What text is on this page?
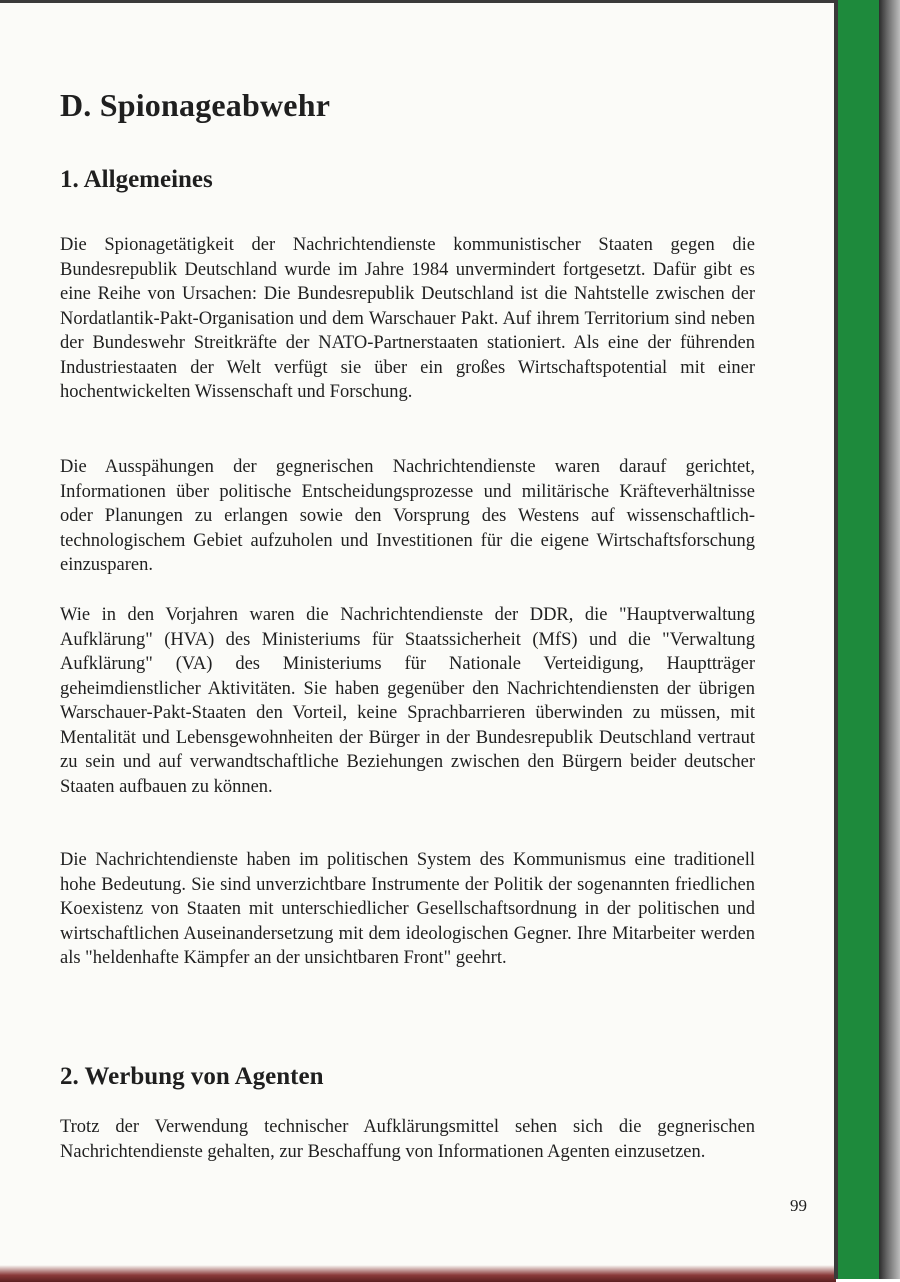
D. Spionageabwehr
1. Allgemeines

Die Spionagetätigkeit der Nachrichtendienste kommunistischer Staaten gegen die Bundesrepublik Deutschland wurde im Jahre 1984 unvermindert fortgesetzt. Dafür gibt es eine Reihe von Ursachen: Die Bundesrepublik Deutschland ist die Nahtstelle zwischen der Nordatlantik-Pakt-Organisation und dem Warschauer Pakt. Auf ihrem Territorium sind neben der Bundeswehr Streitkräfte der NATO-Partnerstaaten stationiert. Als eine der führenden Industriestaaten der Welt verfügt sie über ein großes Wirtschaftspotential mit einer hochentwickelten Wissenschaft und Forschung.

Die Ausspähungen der gegnerischen Nachrichtendienste waren darauf gerichtet, Informationen über politische Entscheidungsprozesse und militärische Kräfteverhältnisse oder Planungen zu erlangen sowie den Vorsprung des Westens auf wissenschaftlich-technologischem Gebiet aufzuholen und Investitionen für die eigene Wirtschaftsforschung einzusparen.

Wie in den Vorjahren waren die Nachrichtendienste der DDR, die "Hauptverwaltung Aufklärung" (HVA) des Ministeriums für Staatssicherheit (MfS) und die "Verwaltung Aufklärung" (VA) des Ministeriums für Nationale Verteidigung, Hauptträger geheimdienstlicher Aktivitäten. Sie haben gegenüber den Nachrichtendiensten der übrigen Warschauer-Pakt-Staaten den Vorteil, keine Sprachbarrieren überwinden zu müssen, mit Mentalität und Lebensgewohnheiten der Bürger in der Bundesrepublik Deutschland vertraut zu sein und auf verwandtschaftliche Beziehungen zwischen den Bürgern beider deutscher Staaten aufbauen zu können.

Die Nachrichtendienste haben im politischen System des Kommunismus eine traditionell hohe Bedeutung. Sie sind unverzichtbare Instrumente der Politik der sogenannten friedlichen Koexistenz von Staaten mit unterschiedlicher Gesellschaftsordnung in der politischen und wirtschaftlichen Auseinandersetzung mit dem ideologischen Gegner. Ihre Mitarbeiter werden als "heldenhafte Kämpfer an der unsichtbaren Front" geehrt.

2. Werbung von Agenten

Trotz der Verwendung technischer Aufklärungsmittel sehen sich die gegnerischen Nachrichtendienste gehalten, zur Beschaffung von Informationen Agenten einzusetzen.

99
